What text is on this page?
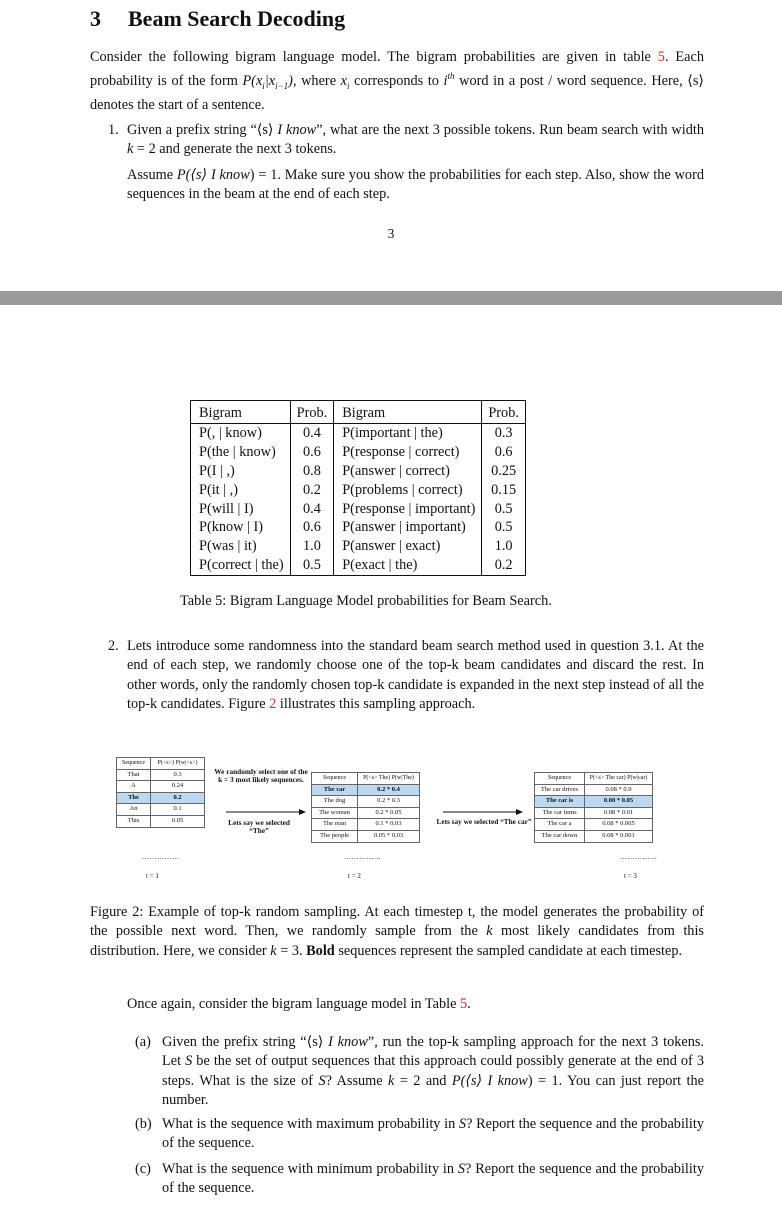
3 Beam Search Decoding
Consider the following bigram language model. The bigram probabilities are given in table 5. Each probability is of the form $P(x_i|x_{i-1})$, where $x_i$ corresponds to $i^{th}$ word in a post / word sequence. Here, ⟨s⟩ denotes the start of a sentence.
1. Given a prefix string “⟨s⟩ I know”, what are the next 3 possible tokens. Run beam search with width k = 2 and generate the next 3 tokens.
Assume P(⟨s⟩ I know) = 1. Make sure you show the probabilities for each step. Also, show the word sequences in the beam at the end of each step.
3
Bigram	Prob.	Bigram	Prob.
P(, | know)	0.4	P(important | the)	0.3
P(the | know)	0.6	P(response | correct)	0.6
P(I | ,)	0.8	P(answer | correct)	0.25
P(it | ,)	0.2	P(problems | correct)	0.15
P(will | I)	0.4	P(response | important)	0.5
P(know | I)	0.6	P(answer | important)	0.5
P(was | it)	1.0	P(answer | exact)	1.0
P(correct | the)	0.5	P(exact | the)	0.2
Table 5: Bigram Language Model probabilities for Beam Search.
2. Lets introduce some randomness into the standard beam search method used in question 3.1. At the end of each step, we randomly choose one of the top-k beam candidates and discard the rest. In other words, only the randomly chosen top-k candidate is expanded in the next step instead of all the top-k candidates. Figure 2 illustrates this sampling approach.
Sequence	P(<s>) P(w|<s>)
That	0.3
A	0.24
The	0.2
An	0.1
This	0.05
……………
t = 1
We randomly select one of the k = 3 most likely sequences.
Lets say we selected “The”
Sequence	P(<s> The) P(w|The)
The car	0.2 * 0.4
The dog	0.2 * 0.3
The woman	0.2 * 0.05
The man	0.1 * 0.03
The people	0.05 * 0.03
……………
t = 2
Lets say we selected “The car”
Sequence	P(<s> The car) P(w|car)
The car drives	0.08 * 0.9
The car is	0.08 * 0.05
The car turns	0.08 * 0.01
The car a	0.08 * 0.005
The car down	0.08 * 0.001
……………
t = 3
Figure 2: Example of top-k random sampling. At each timestep t, the model generates the probability of the possible next word. Then, we randomly sample from the k most likely candidates from this distribution. Here, we consider k = 3. Bold sequences represent the sampled candidate at each timestep.
Once again, consider the bigram language model in Table 5.
(a) Given the prefix string “⟨s⟩ I know”, run the top-k sampling approach for the next 3 tokens. Let S be the set of output sequences that this approach could possibly generate at the end of 3 steps. What is the size of S? Assume k = 2 and P(⟨s⟩ I know) = 1. You can just report the number.
(b) What is the sequence with maximum probability in S? Report the sequence and the probability of the sequence.
(c) What is the sequence with minimum probability in S? Report the sequence and the probability of the sequence.
